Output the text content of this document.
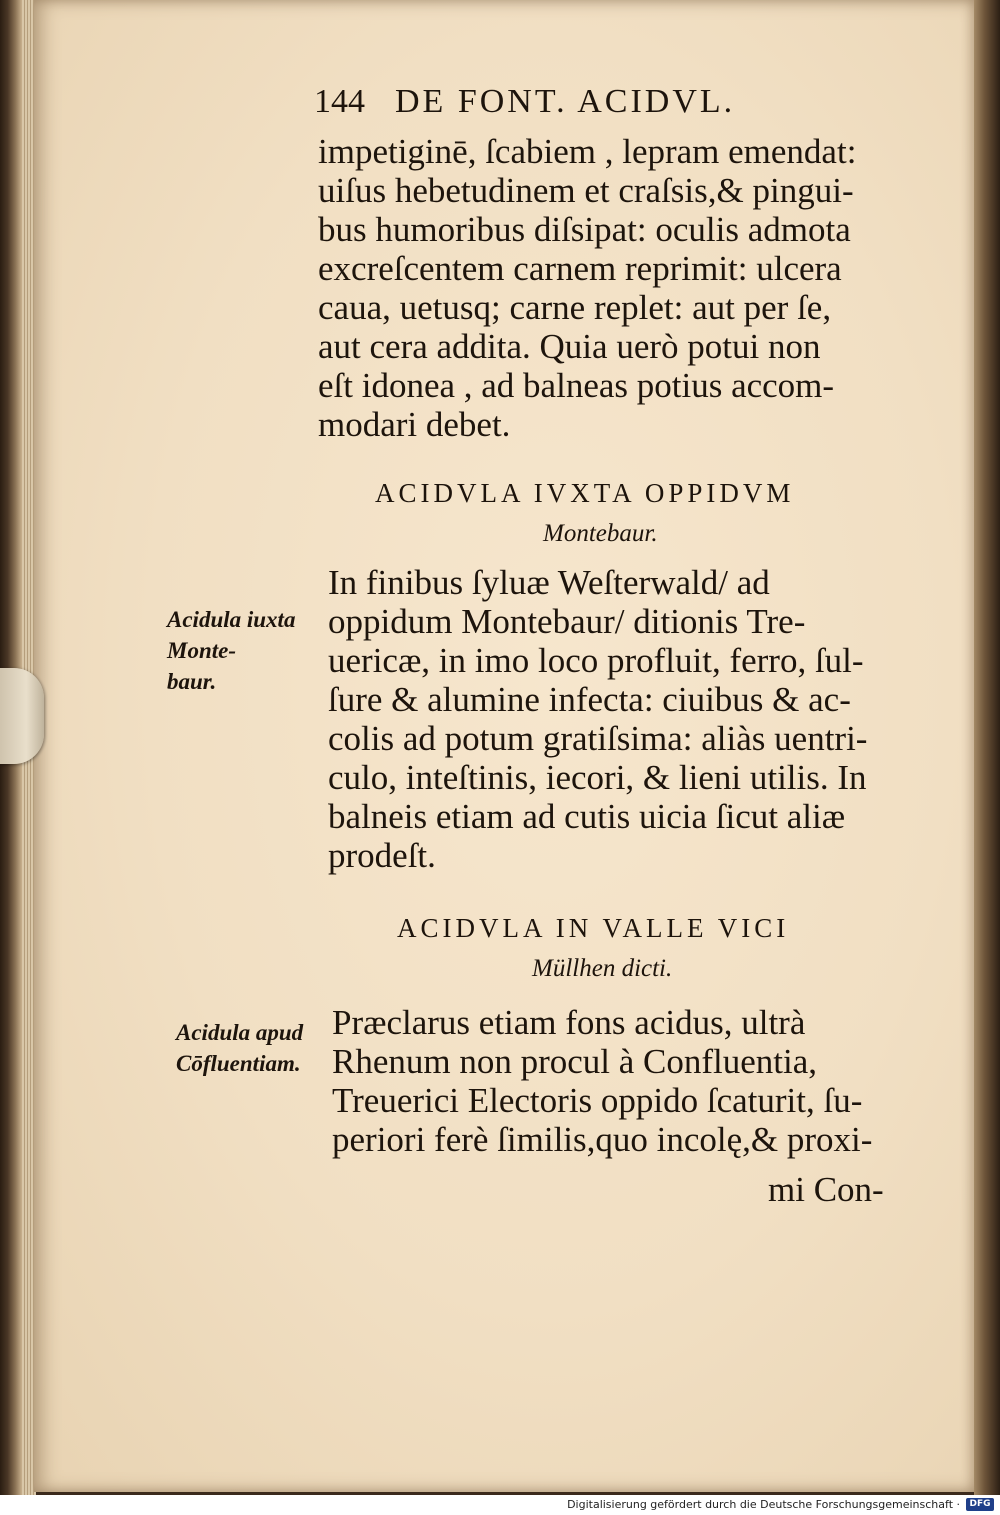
144 DE FONT. ACIDVL.
impetiginē, ſcabiem , lepram emendat:
uiſus hebetudinem et craſsis,& pingui-
bus humoribus diſsipat: oculis admota
excreſcentem carnem reprimit: ulcera
caua, uetusq; carne replet: aut per ſe,
aut cera addita. Quia uerò potui non
eſt idonea , ad balneas potius accom-
modari debet.
ACIDVLA IVXTA OPPIDVM
Montebaur.
Acidula iuxta
Monte-
baur.
In finibus ſyluæ Weſterwald/ ad
oppidum Montebaur/ ditionis Tre-
uericæ, in imo loco profluit, ferro, ſul-
ſure & alumine infecta: ciuibus & ac-
colis ad potum gratiſsima: aliàs uentri-
culo, inteſtinis, iecori, & lieni utilis. In
balneis etiam ad cutis uicia ſicut aliæ
prodeſt.
ACIDVLA IN VALLE VICI
Müllhen dicti.
Acidula apud
Cōfluentiam.
Præclarus etiam fons acidus, ultrà
Rhenum non procul à Confluentia,
Treuerici Electoris oppido ſcaturit, ſu-
periori ferè ſimilis,quo incolę,& proxi-
mi Con-
Digitalisierung gefördert durch die Deutsche Forschungsgemeinschaft ·	DFG
